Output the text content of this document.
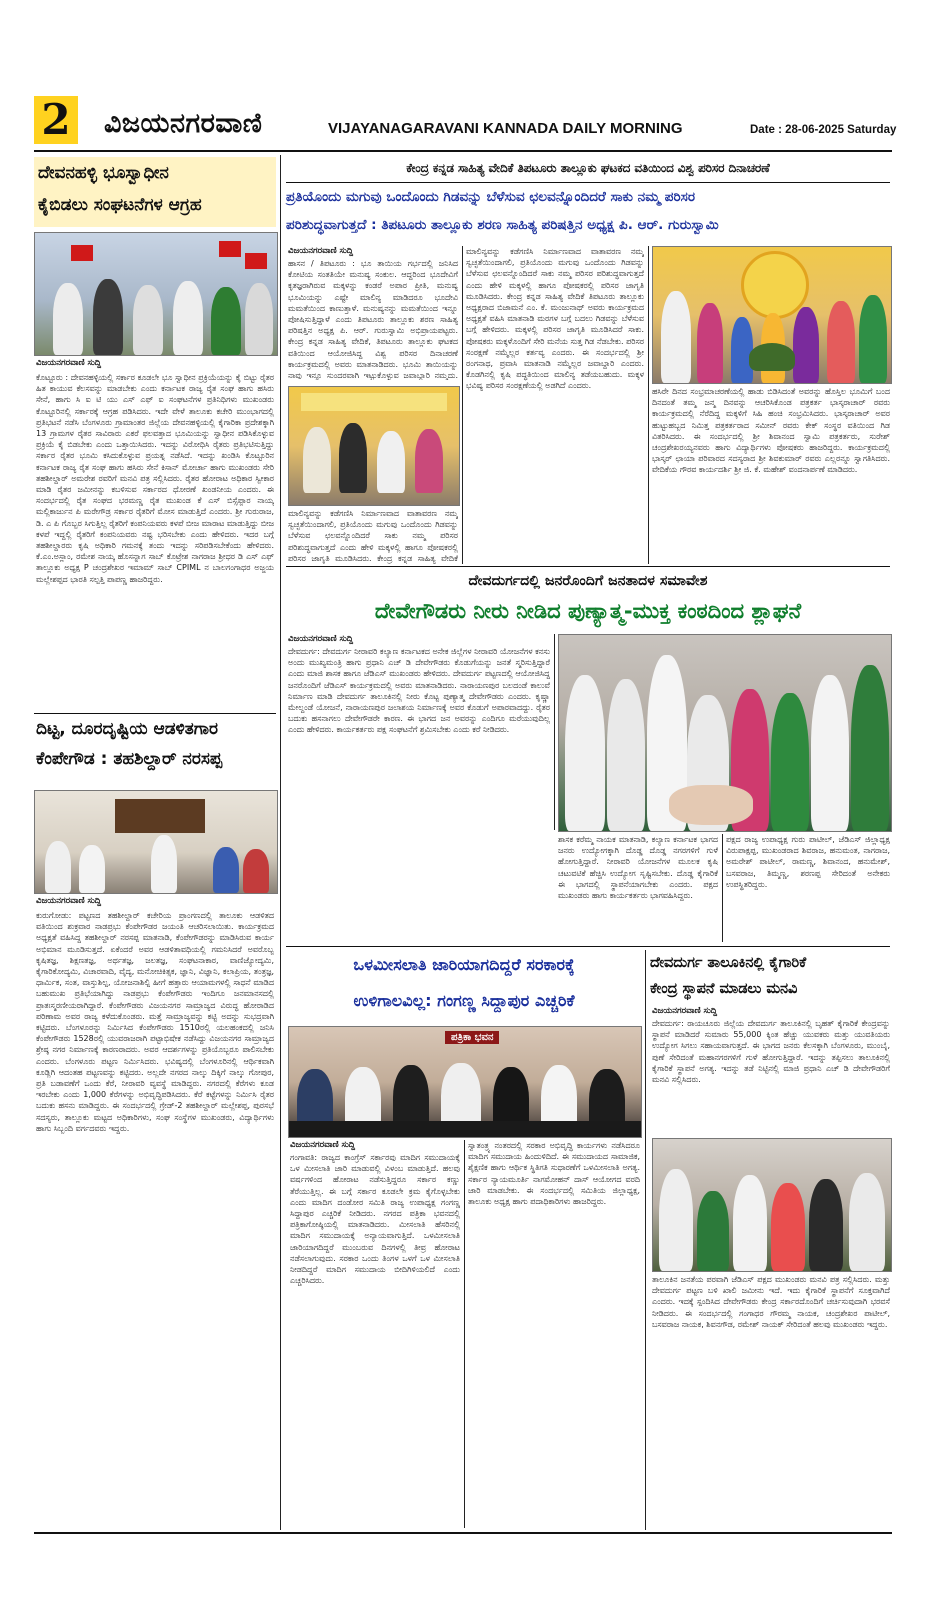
2 ವಿಜಯನಗರವಾಣಿ	VIJAYANAGARAVANI KANNADA DAILY MORNING	Date : 28-06-2025 Saturday
ದೇವನಹಳ್ಳಿ ಭೂಸ್ವಾಧೀನ
ಕೈಬಿಡಲು ಸಂಘಟನೆಗಳ ಆಗ್ರಹ
ವಿಜಯನಗರವಾಣಿ ಸುದ್ದಿ
ಕೊಟ್ಟೂರು : ದೇವನಹಳ್ಳಿಯಲ್ಲಿ ಸರ್ಕಾರ ಕೂಡಲೇ ಭೂ ಸ್ವಾಧೀನ ಪ್ರಕ್ರಿಯೆಯನ್ನು ಕೈ ಬಿಟ್ಟು ರೈತರ ಹಿತ ಕಾಯುವ ಕೆಲಸವನ್ನು ಮಾಡಬೇಕು ಎಂದು ಕರ್ನಾಟಕ ರಾಜ್ಯ ರೈತ ಸಂಘ ಹಾಗು ಹಸಿರು ಸೇನೆ, ಹಾಗು ಸಿ ಐ ಟಿ ಯು ಎಸ್ ಎಫ್ ಐ ಸಂಘಟನೆಗಳ ಪ್ರತಿನಿಧಿಗಳು ಮುಖಂಡರು ಕೊಟ್ಟೂರಿನಲ್ಲಿ ಸರ್ಕಾರಕ್ಕೆ ಆಗ್ರಹ ಪಡಿಸಿದರು. ಇದೇ ವೇಳೆ ತಾಲೂಕು ಕಚೇರಿ ಮುಂಭಾಗದಲ್ಲಿ ಪ್ರತಿಭಟನೆ ನಡೆಸಿ ಬೆಂಗಳೂರು ಗ್ರಾಮಾಂತರ ಜಿಲ್ಲೆಯ ದೇವನಹಳ್ಳಿಯಲ್ಲಿ ಕೈಗಾರಿಕಾ ಪ್ರದೇಶಕ್ಕಾಗಿ 13 ಗ್ರಾಮಗಳ ರೈತರ ಸಾವಿರಾರು ಎಕರೆ ಫಲವತ್ತಾದ ಭೂಮಿಯನ್ನು ಸ್ವಾಧೀನ ಪಡಿಸಿಕೊಳ್ಳುವ ಪ್ರಕ್ರಿಯೆ ಕೈ ಬಿಡಬೇಕು ಎಂದು ಒತ್ತಾಯಿಸಿದರು. ಇದನ್ನು ವಿರೋಧಿಸಿ ರೈತರು ಪ್ರತಿಭಟಿಸುತ್ತಿದ್ದು ಸರ್ಕಾರ ರೈತರ ಭೂಮಿ ಕಸಿದುಕೊಳ್ಳುವ ಪ್ರಯತ್ನ ನಡೆಸಿದೆ. ಇದನ್ನು ಖಂಡಿಸಿ ಕೊಟ್ಟೂರಿನ ಕರ್ನಾಟಕ ರಾಜ್ಯ ರೈತ ಸಂಘ ಹಾಗು ಹಸಿರು ಸೇನೆ ಕಿಸಾನ್ ಮೋರ್ಚಾ ಹಾಗು ಮುಖಂಡರು ಸೇರಿ ತಹಶೀಲ್ದಾರ್ ಅಮರೇಶ ರವರಿಗೆ ಮನವಿ ಪತ್ರ ಸಲ್ಲಿಸಿದರು. ರೈತರ ಹೋರಾಟ ಅಧಿಕಾರ ಸ್ವೀಕಾರ ಮಾಡಿ ರೈತರ ಜಮೀನನ್ನು ಕಬಳಿಸುವ ಸರ್ಕಾರದ ಧೋರಣೆ ಖಂಡನೀಯ ಎಂದರು. ಈ ಸಂದರ್ಭದಲ್ಲಿ ರೈತ ಸಂಘದ ಭರಮಣ್ಣ ರೈತ ಮುಖಂಡ ಕೆ ಎಸ್ ಬಿಸ್ಸೆಪ್ಪಾರ ನಾಯ್ಕ ಮಲ್ಲಿಕಾರ್ಜುನ ಪಿ ಮರೇಗೌಡ್ರ ಸರ್ಕಾರ ರೈತರಿಗೆ ಮೋಸ ಮಾಡುತ್ತಿದೆ ಎಂದರು. ಶ್ರೀ ಗುರುರಾಜ, ಡಿ. ಎ ಪಿ ಗೊಬ್ಬರ ಸಿಗುತ್ತಿಲ್ಲ ರೈತರಿಗೆ ಕಂಪನಿಯವರು ಕಳಪೆ ಬೀಜ ಮಾರಾಟ ಮಾಡುತ್ತಿದ್ದು ಬೀಜ ಕಳಪೆ ಇದ್ದಲ್ಲಿ ರೈತರಿಗೆ ಕಂಪನಿಯವರು ನಷ್ಟ ಭರಿಸಬೇಕು ಎಂದು ಹೇಳಿದರು. ಇದರ ಬಗ್ಗೆ ತಹಶೀಲ್ದಾರರು ಕೃಷಿ ಅಧಿಕಾರಿ ಗಮನಕ್ಕೆ ತಂದು ಇದನ್ನು ಸರಿಪಡಿಸಬೇಕೆಂದು ಹೇಳಿದರು. ಕೆ.ಎಂ.ಅಸ್ಲಾಂ, ರಮೇಶ ನಾಯ್ಕ ಹೊಸನ್ನಾಗ ಸಾಬ್ ಕೊಟ್ರೇಶ ನಾಗರಾಜ ಶ್ರೀಧರ ಡಿ ಎಸ್ ಎಫ್ ತಾಲ್ಲೂಕು ಅಧ್ಯಕ್ಷ P ಚಂದ್ರಶೇಖರ ಇಮಾಮ್ ಸಾಬ್ CPIML ನ ಬಾಲಗಂಗಾಧರ ಅಜ್ಜಯ ಮಲ್ಲೇಶಪ್ಪದ ಭಾರತಿ ಸಲ್ಪತ್ತಿ ಪಾಪಣ್ಣ ಹಾಜರಿದ್ದರು.
ದಿಟ್ಟ, ದೂರದೃಷ್ಟಿಯ ಆಡಳಿತಗಾರ
ಕೆಂಪೇಗೌಡ : ತಹಶಿಲ್ದಾರ್ ನರಸಪ್ಪ
ವಿಜಯನಗರವಾಣಿ ಸುದ್ದಿ
ಕುರುಗೋಡು: ಪಟ್ಟಣದ ತಹಶೀಲ್ದಾರ್ ಕಚೇರಿಯ ಪ್ರಾಂಗಣದಲ್ಲಿ ತಾಲೂಕು ಆಡಳಿತದ ವತಿಯಿಂದ ಶುಕ್ರವಾರ ನಾಡಪ್ರಭು ಕೆಂಪೇಗೌಡರ ಜಯಂತಿ ಆಚರಿಸಲಾಯಿತು. ಕಾರ್ಯಕ್ರಮದ ಅಧ್ಯಕ್ಷತೆ ವಹಿಸಿದ್ದ ತಹಶೀಲ್ದಾರ್ ನರಸಪ್ಪ ಮಾತನಾಡಿ, ಕೆಂಪೇಗೌಡರನ್ನು ಮಾಡಿಸಿರುವ ಕಾರ್ಯ ಅಭಿಮಾನ ಮೂಡಿಸುತ್ತದೆ. ಏಕೆಂದರೆ ಅವರ ಆಡಳಿತಾವಧಿಯಲ್ಲಿ ಗಮನಿಸಿದರೆ ಅವರೊಬ್ಬ ಕೃಷಿತಜ್ಞ, ಶಿಕ್ಷಣತಜ್ಞ, ಅರ್ಥತಜ್ಞ, ಜಲತಜ್ಞ, ಸಂಘಟನಾಕಾರ, ವಾಣಿಜ್ಯೋದ್ಯಮಿ, ಕೈಗಾರಿಕೋದ್ಯಮಿ, ವಿಚಾರವಾದಿ, ವೈದ್ಯ, ಮನೋಚಿಕಿತ್ಸಕ, ಜ್ಞಾನಿ, ವಿಜ್ಞಾನಿ, ಕಲಾಪ್ರಿಯ, ತಂತ್ರಜ್ಞ, ಧಾರ್ಮಿಕ, ಸಂತ, ವಾಸ್ತುಶಿಲ್ಪ, ಯೋಜನಾಶಿಲ್ಪಿ ಹೀಗೆ ಹತ್ತಾರು ಆಯಾಮಗಳಲ್ಲಿ ಸಾಧನೆ ಮಾಡಿದ ಬಹುಮುಖ ಪ್ರತಿಭೆಯಾಗಿದ್ದು ನಾಡಪ್ರಭು ಕೆಂಪೇಗೌಡರು ಇಂದಿಗೂ ಜನಮಾನಸದಲ್ಲಿ ಪ್ರಾತಃಸ್ಮರಣೀಯರಾಗಿದ್ದಾರೆ. ಕೆಂಪೇಗೌಡರು ವಿಜಯನಗರ ಸಾಮ್ರಾಜ್ಯದ ವಿರುದ್ಧ ಹೋರಾಡಿದ ಪರಿಣಾಮ ಅವರ ರಾಜ್ಯ ಕಳೆದುಕೊಂಡರು. ಮತ್ತೆ ಸಾಮ್ರಾಜ್ಯವನ್ನು ಕಟ್ಟಿ ಅದನ್ನು ಸುಭದ್ರವಾಗಿ ಕಟ್ಟಿದರು. ಬೆಂಗಳೂರನ್ನು ನಿರ್ಮಿಸಿದ ಕೆಂಪೇಗೌಡರು 1510ರಲ್ಲಿ ಯಲಹಂಕದಲ್ಲಿ ಜನಿಸಿ ಕೆಂಪೇಗೌಡರು 1528ರಲ್ಲಿ ಯುವರಾಜರಾಗಿ ಪಟ್ಟಾಭಿಷೇಕ ನಡೆಸಿದ್ದು ವಿಜಯನಗರ ಸಾಮ್ರಾಜ್ಯದ ಶ್ರೇಷ್ಠ ನಗರ ನಿರ್ಮಾಣಕ್ಕೆ ಕಾರಣರಾದರು. ಅವರ ಆದರ್ಶಗಳನ್ನು ಪ್ರತಿಯೊಬ್ಬರೂ ಪಾಲಿಸಬೇಕು ಎಂದರು. ಬೆಂಗಳೂರು ಪಟ್ಟಣ ನಿರ್ಮಿಸಿದರು. ಭವಿಷ್ಯದಲ್ಲಿ ಬೆಂಗಳೂರಿನಲ್ಲಿ ಆರ್ಥಿಕವಾಗಿ ಕೂಡ್ಲಿಗಿ ಆದಂತಹ ಪಟ್ಟಣವನ್ನು ಕಟ್ಟಿದರು. ಅಲ್ಲದೇ ನಗರದ ನಾಲ್ಕು ದಿಕ್ಕಿಗೆ ನಾಲ್ಕು ಗೋಪುರ, ಪ್ರತಿ ಬಡಾವಣೆಗೆ ಒಂದು ಕೆರೆ, ನೀರಾವರಿ ವ್ಯವಸ್ಥೆ ಮಾಡಿದ್ದರು. ನಗರದಲ್ಲಿ ಕೆರೆಗಳು ಕೂಡ ಇರಬೇಕು ಎಂದು 1,000 ಕೆರೆಗಳನ್ನು ಅಭಿವೃದ್ಧಿಪಡಿಸಿದರು. ಕೆರೆ ಕಟ್ಟೆಗಳನ್ನು ನಿರ್ಮಿಸಿ ರೈತರ ಬದುಕು ಹಸನು ಮಾಡಿದ್ದರು. ಈ ಸಂದರ್ಭದಲ್ಲಿ ಗ್ರೇಡ್-2 ತಹಶೀಲ್ದಾರ್ ಮಲ್ಲೇಶಪ್ಪ, ಪುರಸಭೆ ಸದಸ್ಯರು, ತಾಲ್ಲೂಕು ಮಟ್ಟದ ಅಧಿಕಾರಿಗಳು, ಸಂಘ ಸಂಸ್ಥೆಗಳ ಮುಖಂಡರು, ವಿದ್ಯಾರ್ಥಿಗಳು ಹಾಗು ಸಿಬ್ಬಂದಿ ವರ್ಗದವರು ಇದ್ದರು.
ಕೇಂದ್ರ ಕನ್ನಡ ಸಾಹಿತ್ಯ ವೇದಿಕೆ ತಿಪಟೂರು ತಾಲ್ಲೂಕು ಘಟಕದ ವತಿಯಿಂದ ವಿಶ್ವ ಪರಿಸರ ದಿನಾಚರಣೆ
ಪ್ರತಿಯೊಂದು ಮಗುವು ಒಂದೊಂದು ಗಿಡವನ್ನು ಬೆಳೆಸುವ ಛಲವನ್ನೊಂದಿದರೆ ಸಾಕು ನಮ್ಮ ಪರಿಸರ
ಪರಿಶುದ್ಧವಾಗುತ್ತದೆ : ತಿಪಟೂರು ತಾಲ್ಲೂಕು ಶರಣ ಸಾಹಿತ್ಯ ಪರಿಷತ್ತಿನ ಅಧ್ಯಕ್ಷ ಪಿ. ಆರ್. ಗುರುಸ್ವಾಮಿ
ವಿಜಯನಗರವಾಣಿ ಸುದ್ದಿ
ಹಾಸನ / ತಿಪಟೂರು : ಭೂ ತಾಯಿಯ ಗರ್ಭದಲ್ಲಿ ಜನಿಸಿದ ಕೋಟಿಯ ಸಂತತಿಯೇ ಮನುಷ್ಯ ಸಂಕುಲ. ಆದ್ದರಿಂದ ಭೂದೇವಿಗೆ ಕೃತಜ್ಞರಾಗಿರುವ ಮಕ್ಕಳನ್ನು ಕಂಡರೆ ಅಪಾರ ಪ್ರೀತಿ, ಮನುಷ್ಯ ಭೂಮಿಯನ್ನು ಎಷ್ಟೇ ಮಾಲಿನ್ಯ ಮಾಡಿದರೂ ಭೂದೇವಿ ಮಮತೆಯಿಂದ ಕಾಣುತ್ತಾಳೆ. ಮನುಷ್ಯನನ್ನು ಮಮತೆಯಿಂದ ಇನ್ನೂ ಪೋಷಿಸುತ್ತಿದ್ದಾಳೆ ಎಂದು ತಿಪಟೂರು ತಾಲ್ಲೂಕು ಶರಣ ಸಾಹಿತ್ಯ ಪರಿಷತ್ತಿನ ಅಧ್ಯಕ್ಷ ಪಿ. ಆರ್. ಗುರುಸ್ವಾಮಿ ಅಭಿಪ್ರಾಯಪಟ್ಟರು. ಕೇಂದ್ರ ಕನ್ನಡ ಸಾಹಿತ್ಯ ವೇದಿಕೆ, ತಿಪಟೂರು ತಾಲ್ಲೂಕು ಘಟಕದ ವತಿಯಿಂದ ಆಯೋಜಿಸಿದ್ದ ವಿಶ್ವ ಪರಿಸರ ದಿನಾಚರಣೆ ಕಾರ್ಯಕ್ರಮದಲ್ಲಿ ಅವರು ಮಾತನಾಡಿದರು. ಭೂಮಿ ತಾಯಿಯನ್ನು ನಾವು ಇನ್ನೂ ಸುಂದರವಾಗಿ ಇಟ್ಟುಕೊಳ್ಳುವ ಜವಾಬ್ದಾರಿ ನಮ್ಮದು.
ಮಾಲಿನ್ಯವನ್ನು ಕಡೆಗಣಿಸಿ ನಿರ್ಮಾಣವಾದ ವಾತಾವರಣ ನಮ್ಮ ಸ್ವಚ್ಛತೆಯಿಂದಾಗಲಿ, ಪ್ರತಿಯೊಂದು ಮಗುವು ಒಂದೊಂದು ಗಿಡವನ್ನು ಬೆಳೆಸುವ ಛಲವನ್ನೊಂದಿದರೆ ಸಾಕು ನಮ್ಮ ಪರಿಸರ ಪರಿಶುದ್ಧವಾಗುತ್ತದೆ ಎಂದು ಹೇಳಿ ಮಕ್ಕಳಲ್ಲಿ ಹಾಗೂ ಪೋಷಕರಲ್ಲಿ ಪರಿಸರ ಜಾಗೃತಿ ಮೂಡಿಸಿದರು. ಕೇಂದ್ರ ಕನ್ನಡ ಸಾಹಿತ್ಯ ವೇದಿಕೆ
ಮಾಲಿನ್ಯವನ್ನು ಕಡೆಗಣಿಸಿ ನಿರ್ಮಾಣವಾದ ವಾತಾವರಣ ನಮ್ಮ ಸ್ವಚ್ಛತೆಯಿಂದಾಗಲಿ, ಪ್ರತಿಯೊಂದು ಮಗುವು ಒಂದೊಂದು ಗಿಡವನ್ನು ಬೆಳೆಸುವ ಛಲವನ್ನೊಂದಿದರೆ ಸಾಕು ನಮ್ಮ ಪರಿಸರ ಪರಿಶುದ್ಧವಾಗುತ್ತದೆ ಎಂದು ಹೇಳಿ ಮಕ್ಕಳಲ್ಲಿ ಹಾಗೂ ಪೋಷಕರಲ್ಲಿ ಪರಿಸರ ಜಾಗೃತಿ ಮೂಡಿಸಿದರು. ಕೇಂದ್ರ ಕನ್ನಡ ಸಾಹಿತ್ಯ ವೇದಿಕೆ ತಿಪಟೂರು ತಾಲ್ಲೂಕು ಅಧ್ಯಕ್ಷರಾದ ಬಿಜಾಮನೆ ಎಂ. ಕೆ. ಮಂಜುನಾಥ್ ಅವರು ಕಾರ್ಯಕ್ರಮದ ಅಧ್ಯಕ್ಷತೆ ವಹಿಸಿ ಮಾತನಾಡಿ ಮರಗಳ ಬಗ್ಗೆ ಬದಲು ಗಿಡವನ್ನು ಬೆಳೆಸುವ ಬಗ್ಗೆ ಹೇಳಿದರು. ಮಕ್ಕಳಲ್ಲಿ ಪರಿಸರ ಜಾಗೃತಿ ಮೂಡಿಸಿದರೆ ಸಾಕು. ಪೋಷಕರು ಮಕ್ಕಳೊಂದಿಗೆ ಸೇರಿ ಮನೆಯ ಸುತ್ತ ಗಿಡ ನೆಡಬೇಕು. ಪರಿಸರ ಸಂರಕ್ಷಣೆ ನಮ್ಮೆಲ್ಲರ ಕರ್ತವ್ಯ ಎಂದರು. ಈ ಸಂದರ್ಭದಲ್ಲಿ ಶ್ರೀ ರಂಗನಾಥ, ಪ್ರವಾಸಿ ಮಾತನಾಡಿ ನಮ್ಮೆಲ್ಲರ ಜವಾಬ್ದಾರಿ ಎಂದರು. ಕೊಡಗಿನಲ್ಲಿ ಕೃಷಿ ಪದ್ಧತಿಯಿಂದ ಮಾಲಿನ್ಯ ತಡೆಯಬಹುದು. ಮಕ್ಕಳ ಭವಿಷ್ಯ ಪರಿಸರ ಸಂರಕ್ಷಣೆಯಲ್ಲಿ ಅಡಗಿದೆ ಎಂದರು.
ಹಸಿರೇ ದಿನದ ಸಂಭ್ರಮಾಚರಣೆಯಲ್ಲಿ ಹಾಡು ಬಿಡಿಸಿದಂತೆ ಅವರನ್ನು ಹೊಸ್ತಿಲ ಭೂಮಿಗೆ ಬಂದ ದಿನದಂತೆ ತಮ್ಮ ಜನ್ಮ ದಿನವನ್ನು ಆಚರಿಸಿಕೊಂಡ ಪತ್ರಕರ್ತ ಭಾಸ್ಕರಾಚಾರ್ ರವರು ಕಾರ್ಯಕ್ರಮದಲ್ಲಿ ನೆರೆದಿದ್ದ ಮಕ್ಕಳಿಗೆ ಸಿಹಿ ಹಂಚಿ ಸಂಭ್ರಮಿಸಿದರು. ಭಾಸ್ಕರಾಚಾರ್ ಅವರ ಹುಟ್ಟುಹಬ್ಬದ ನಿಮಿತ್ತ ಪತ್ರಕರ್ತರಾದ ಸಮೀನ್ ರವರು ಕೇಕ್ ಸಂಸ್ಥರ ವತಿಯಿಂದ ಗಿಡ ವಿತರಿಸಿದರು. ಈ ಸಂದರ್ಭದಲ್ಲಿ ಶ್ರೀ ಶಿವಾನಂದ ಸ್ವಾಮಿ ಪತ್ರಕರ್ತರು, ಸುರೇಶ್ ಚಂದ್ರಶೇಖರಯ್ಯನವರು ಹಾಗು ವಿದ್ಯಾರ್ಥಿಗಳು ಪೋಷಕರು ಹಾಜರಿದ್ದರು. ಕಾರ್ಯಕ್ರಮದಲ್ಲಿ ಭಾಸ್ಕರ್ ಛಾಯಾ ಪರಿವಾರದ ಸದಸ್ಯರಾದ ಶ್ರೀ ಶಿವಕುಮಾರ್ ರವರು ಎಲ್ಲರನ್ನೂ ಸ್ವಾಗತಿಸಿದರು. ವೇದಿಕೆಯ ಗೌರವ ಕಾರ್ಯದರ್ಶಿ ಶ್ರೀ ಜಿ. ಕೆ. ಮಹೇಶ್ ವಂದನಾರ್ಪಣೆ ಮಾಡಿದರು.
ದೇವದುರ್ಗದಲ್ಲಿ ಜನರೊಂದಿಗೆ ಜನತಾದಳ ಸಮಾವೇಶ
ದೇವೇಗೌಡರು ನೀರು ನೀಡಿದ ಪುಣ್ಯಾತ್ಮ-ಮುಕ್ತ ಕಂಠದಿಂದ ಶ್ಲಾಘನೆ
ವಿಜಯನಗರವಾಣಿ ಸುದ್ದಿ
ದೇವದುರ್ಗ: ದೇವದುರ್ಗ ನೀರಾವರಿ ಕಲ್ಯಾಣ ಕರ್ನಾಟಕದ ಅನೇಕ ಜಿಲ್ಲೆಗಳ ನೀರಾವರಿ ಯೋಜನೆಗಳ ಕನಸು ಅಂದು ಮುಖ್ಯಮಂತ್ರಿ ಹಾಗು ಪ್ರಧಾನಿ ಎಚ್ ಡಿ ದೇವೇಗೌಡರು ಕೊಡುಗೆಯನ್ನು ಜನತೆ ಸ್ಮರಿಸುತ್ತಿದ್ದಾರೆ ಎಂದು ಮಾಜಿ ಶಾಸಕ ಹಾಗೂ ಜೆಡಿಎಸ್ ಮುಖಂಡರು ಹೇಳಿದರು. ದೇವದುರ್ಗ ಪಟ್ಟಣದಲ್ಲಿ ಆಯೋಜಿಸಿದ್ದ ಜನರೊಂದಿಗೆ ಜೆಡಿಎಸ್ ಕಾರ್ಯಕ್ರಮದಲ್ಲಿ ಅವರು ಮಾತನಾಡಿದರು. ನಾರಾಯಣಪುರ ಬಲದಂಡೆ ಕಾಲುವೆ ನಿರ್ಮಾಣ ಮಾಡಿ ದೇವದುರ್ಗ ತಾಲೂಕಿನಲ್ಲಿ ನೀರು ಕೊಟ್ಟ ಪುಣ್ಯಾತ್ಮ ದೇವೇಗೌಡರು ಎಂದರು. ಕೃಷ್ಣಾ ಮೇಲ್ದಂಡೆ ಯೋಜನೆ, ನಾರಾಯಣಪುರ ಜಲಾಶಯ ನಿರ್ಮಾಣಕ್ಕೆ ಅವರ ಕೊಡುಗೆ ಅಪಾರವಾದದ್ದು. ರೈತರ ಬದುಕು ಹಸನಾಗಲು ದೇವೇಗೌಡರೇ ಕಾರಣ. ಈ ಭಾಗದ ಜನ ಅವರನ್ನು ಎಂದಿಗೂ ಮರೆಯುವುದಿಲ್ಲ ಎಂದು ಹೇಳಿದರು. ಕಾರ್ಯಕರ್ತರು ಪಕ್ಷ ಸಂಘಟನೆಗೆ ಶ್ರಮಿಸಬೇಕು ಎಂದು ಕರೆ ನೀಡಿದರು.
ಶಾಸಕ ಕರೆಮ್ಮ ನಾಯಕ ಮಾತನಾಡಿ, ಕಲ್ಯಾಣ ಕರ್ನಾಟಕ ಭಾಗದ ಜನರು ಉದ್ಯೋಗಕ್ಕಾಗಿ ದೊಡ್ಡ ದೊಡ್ಡ ನಗರಗಳಿಗೆ ಗುಳೆ ಹೋಗುತ್ತಿದ್ದಾರೆ. ನೀರಾವರಿ ಯೋಜನೆಗಳ ಮೂಲಕ ಕೃಷಿ ಚಟುವಟಿಕೆ ಹೆಚ್ಚಿಸಿ ಉದ್ಯೋಗ ಸೃಷ್ಟಿಸಬೇಕು. ದೊಡ್ಡ ಕೈಗಾರಿಕೆ ಈ ಭಾಗದಲ್ಲಿ ಸ್ಥಾಪನೆಯಾಗಬೇಕು ಎಂದರು. ಪಕ್ಷದ ಮುಖಂಡರು ಹಾಗು ಕಾರ್ಯಕರ್ತರು ಭಾಗವಹಿಸಿದ್ದರು.
ಪಕ್ಷದ ರಾಜ್ಯ ಉಪಾಧ್ಯಕ್ಷ ಗುರು ಪಾಟೀಲ್, ಜೆಡಿಎಸ್ ಜಿಲ್ಲಾಧ್ಯಕ್ಷ ವಿರುಪಾಕ್ಷಪ್ಪ, ಮುಖಂಡರಾದ ಶಿವರಾಜ, ಹನುಮಂತ, ನಾಗರಾಜ, ಅಮರೇಶ್ ಪಾಟೀಲ್, ರಾಮಣ್ಣ, ಶಿವಾನಂದ, ಹನುಮೇಶ್, ಬಸವರಾಜ, ತಿಮ್ಮಣ್ಣ, ಶರಣಪ್ಪ ಸೇರಿದಂತೆ ಅನೇಕರು ಉಪಸ್ಥಿತರಿದ್ದರು.
ಒಳಮೀಸಲಾತಿ ಜಾರಿಯಾಗದಿದ್ದರೆ ಸರಕಾರಕ್ಕೆ
ಉಳಿಗಾಲವಿಲ್ಲ: ಗಂಗಣ್ಣ ಸಿದ್ದಾಪುರ ಎಚ್ಚರಿಕೆ
ಪತ್ರಿಕಾ ಭವನ
ವಿಜಯನಗರವಾಣಿ ಸುದ್ದಿ
ಗಂಗಾವತಿ: ರಾಜ್ಯದ ಕಾಂಗ್ರೆಸ್ ಸರ್ಕಾರವು ಮಾದಿಗ ಸಮುದಾಯಕ್ಕೆ ಒಳ ಮೀಸಲಾತಿ ಜಾರಿ ಮಾಡುವಲ್ಲಿ ವಿಳಂಬ ಮಾಡುತ್ತಿದೆ. ಹಲವು ವರ್ಷಗಳಿಂದ ಹೋರಾಟ ನಡೆಸುತ್ತಿದ್ದರೂ ಸರ್ಕಾರ ಕಣ್ಣು ತೆರೆಯುತ್ತಿಲ್ಲ. ಈ ಬಗ್ಗೆ ಸರ್ಕಾರ ಕೂಡಲೇ ಕ್ರಮ ಕೈಗೊಳ್ಳಬೇಕು ಎಂದು ಮಾದಿಗ ದಂಡೋರ ಸಮಿತಿ ರಾಜ್ಯ ಉಪಾಧ್ಯಕ್ಷ ಗಂಗಣ್ಣ ಸಿದ್ದಾಪುರ ಎಚ್ಚರಿಕೆ ನೀಡಿದರು. ನಗರದ ಪತ್ರಿಕಾ ಭವನದಲ್ಲಿ ಪತ್ರಿಕಾಗೋಷ್ಠಿಯಲ್ಲಿ ಮಾತನಾಡಿದರು. ಮೀಸಲಾತಿ ಹೆಸರಿನಲ್ಲಿ ಮಾದಿಗ ಸಮುದಾಯಕ್ಕೆ ಅನ್ಯಾಯವಾಗುತ್ತಿದೆ. ಒಳಮೀಸಲಾತಿ ಜಾರಿಯಾಗದಿದ್ದರೆ ಮುಂಬರುವ ದಿನಗಳಲ್ಲಿ ತೀವ್ರ ಹೋರಾಟ ನಡೆಸಲಾಗುವುದು. ಸರಕಾರ ಒಂದು ತಿಂಗಳ ಒಳಗೆ ಒಳ ಮೀಸಲಾತಿ ನೀಡದಿದ್ದರೆ ಮಾದಿಗ ಸಮುದಾಯ ಬೀದಿಗಿಳಿಯಲಿದೆ ಎಂದು ಎಚ್ಚರಿಸಿದರು.
ಸ್ವಾತಂತ್ರ್ಯ ನಂತರದಲ್ಲಿ ಸರಕಾರ ಅಭಿವೃದ್ಧಿ ಕಾರ್ಯಗಳು ನಡೆಸಿದರೂ ಮಾದಿಗ ಸಮುದಾಯ ಹಿಂದುಳಿದಿದೆ. ಈ ಸಮುದಾಯದ ಸಾಮಾಜಿಕ, ಶೈಕ್ಷಣಿಕ ಹಾಗು ಆರ್ಥಿಕ ಸ್ಥಿತಿಗತಿ ಸುಧಾರಣೆಗೆ ಒಳಮೀಸಲಾತಿ ಅಗತ್ಯ. ಸರ್ಕಾರ ನ್ಯಾಯಮೂರ್ತಿ ನಾಗಮೋಹನ್ ದಾಸ್ ಆಯೋಗದ ವರದಿ ಜಾರಿ ಮಾಡಬೇಕು. ಈ ಸಂದರ್ಭದಲ್ಲಿ ಸಮಿತಿಯ ಜಿಲ್ಲಾಧ್ಯಕ್ಷ, ತಾಲೂಕು ಅಧ್ಯಕ್ಷ ಹಾಗು ಪದಾಧಿಕಾರಿಗಳು ಹಾಜರಿದ್ದರು.
ದೇವದುರ್ಗ ತಾಲೂಕಿನಲ್ಲಿ ಕೈಗಾರಿಕೆ
ಕೇಂದ್ರ ಸ್ಥಾಪನೆ ಮಾಡಲು ಮನವಿ
ವಿಜಯನಗರವಾಣಿ ಸುದ್ದಿ
ದೇವದುರ್ಗ: ರಾಯಚೂರು ಜಿಲ್ಲೆಯ ದೇವದುರ್ಗ ತಾಲೂಕಿನಲ್ಲಿ ಬೃಹತ್ ಕೈಗಾರಿಕೆ ಕೇಂದ್ರವನ್ನು ಸ್ಥಾಪನೆ ಮಾಡಿದರೆ ಸುಮಾರು 55,000 ಕ್ಕಿಂತ ಹೆಚ್ಚು ಯುವಕರು ಮತ್ತು ಯುವತಿಯರು ಉದ್ಯೋಗ ಸಿಗಲು ಸಹಾಯವಾಗುತ್ತದೆ. ಈ ಭಾಗದ ಜನರು ಕೆಲಸಕ್ಕಾಗಿ ಬೆಂಗಳೂರು, ಮುಂಬೈ, ಪುಣೆ ಸೇರಿದಂತೆ ಮಹಾನಗರಗಳಿಗೆ ಗುಳೆ ಹೋಗುತ್ತಿದ್ದಾರೆ. ಇದನ್ನು ತಪ್ಪಿಸಲು ತಾಲೂಕಿನಲ್ಲಿ ಕೈಗಾರಿಕೆ ಸ್ಥಾಪನೆ ಅಗತ್ಯ. ಇದನ್ನು ತಡೆ ನಿಟ್ಟಿನಲ್ಲಿ ಮಾಜಿ ಪ್ರಧಾನಿ ಎಚ್ ಡಿ ದೇವೇಗೌಡರಿಗೆ ಮನವಿ ಸಲ್ಲಿಸಿದರು.
ತಾಲೂಕಿನ ಜನತೆಯ ಪರವಾಗಿ ಜೆಡಿಎಸ್ ಪಕ್ಷದ ಮುಖಂಡರು ಮನವಿ ಪತ್ರ ಸಲ್ಲಿಸಿದರು. ಮತ್ತು ದೇವದುರ್ಗ ಪಟ್ಟಣ ಬಳಿ ಖಾಲಿ ಜಮೀನು ಇದೆ. ಇದು ಕೈಗಾರಿಕೆ ಸ್ಥಾಪನೆಗೆ ಸೂಕ್ತವಾಗಿದೆ ಎಂದರು. ಇದಕ್ಕೆ ಸ್ಪಂದಿಸಿದ ದೇವೇಗೌಡರು ಕೇಂದ್ರ ಸರ್ಕಾರದೊಂದಿಗೆ ಚರ್ಚಿಸುವುದಾಗಿ ಭರವಸೆ ನೀಡಿದರು. ಈ ಸಂದರ್ಭದಲ್ಲಿ ಗಂಗಾಧರ ಗೌರಮ್ಮ ನಾಯಕ, ಚಂದ್ರಶೇಖರ ಪಾಟೀಲ್, ಬಸವರಾಜ ನಾಯಕ, ಶಿವನಗೌಡ, ರಮೇಶ್ ನಾಯಕ್ ಸೇರಿದಂತೆ ಹಲವು ಮುಖಂಡರು ಇದ್ದರು.
